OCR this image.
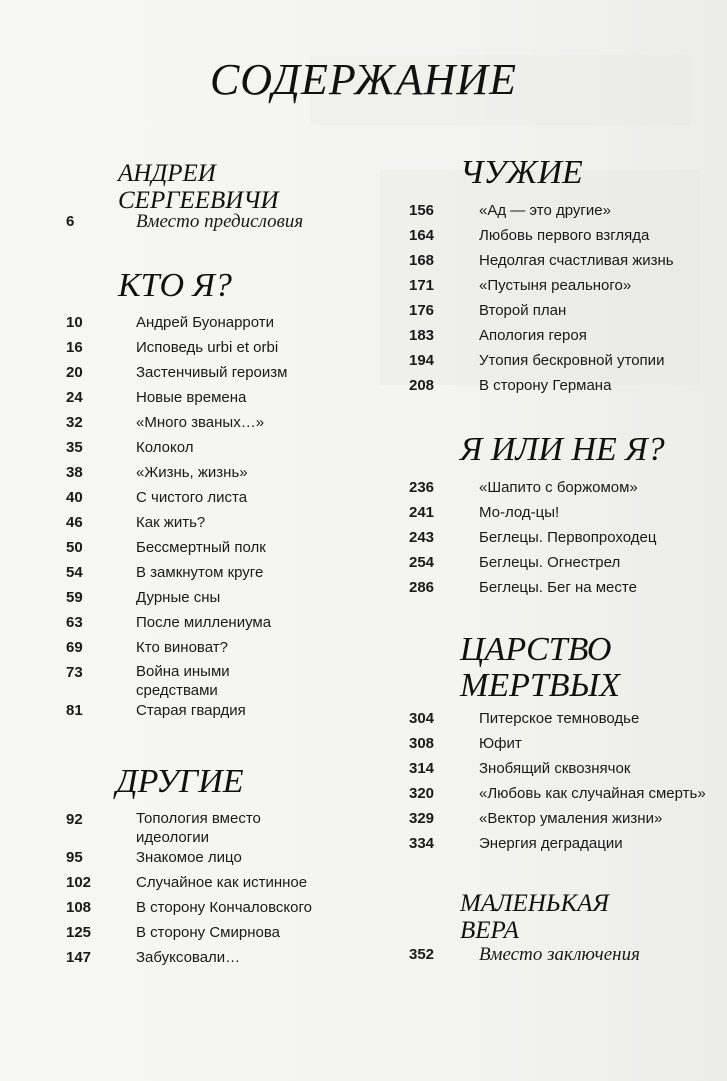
СОДЕРЖАНИЕ
АНДРЕИ
СЕРГЕЕВИЧИ
6	Вместо предисловия
КТО Я?
10	Андрей Буонарроти
16	Исповедь urbi et orbi
20	Застенчивый героизм
24	Новые времена
32	«Много званых…»
35	Колокол
38	«Жизнь, жизнь»
40	С чистого листа
46	Как жить?
50	Бессмертный полк
54	В замкнутом круге
59	Дурные сны
63	После миллениума
69	Кто виноват?
73	Война иными
средствами
81	Старая гвардия
ДРУГИЕ
92	Топология вместо
идеологии
95	Знакомое лицо
102	Случайное как истинное
108	В сторону Кончаловского
125	В сторону Смирнова
147	Забуксовали…
ЧУЖИЕ
156	«Ад — это другие»
164	Любовь первого взгляда
168	Недолгая счастливая жизнь
171	«Пустыня реального»
176	Второй план
183	Апология героя
194	Утопия бескровной утопии
208	В сторону Германа
Я ИЛИ НЕ Я?
236	«Шапито с боржомом»
241	Мо-лод-цы!
243	Беглецы. Первопроходец
254	Беглецы. Огнестрел
286	Беглецы. Бег на месте
ЦАРСТВО
МЕРТВЫХ
304	Питерское темноводье
308	Юфит
314	Знобящий сквознячок
320	«Любовь как случайная смерть»
329	«Вектор умаления жизни»
334	Энергия деградации
МАЛЕНЬКАЯ
ВЕРА
352	Вместо заключения
